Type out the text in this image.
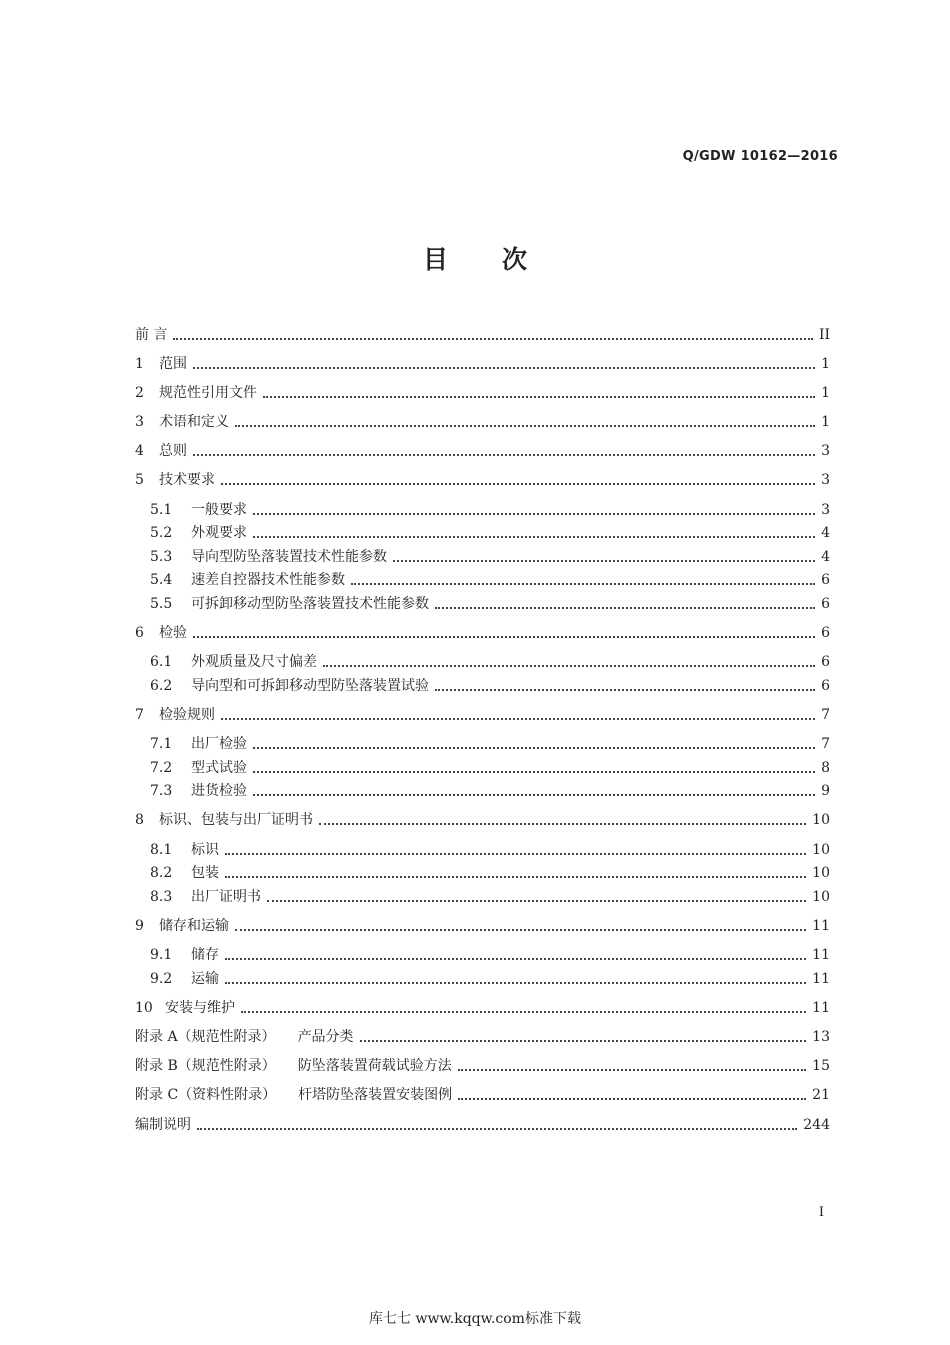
Q/GDW 10162—2016
目次
前 言	II
1	范围	1
2	规范性引用文件	1
3	术语和定义	1
4	总则	3
5	技术要求	3
5.1	一般要求	3
5.2	外观要求	4
5.3	导向型防坠落装置技术性能参数	4
5.4	速差自控器技术性能参数	6
5.5	可拆卸移动型防坠落装置技术性能参数	6
6	检验	6
6.1	外观质量及尺寸偏差	6
6.2	导向型和可拆卸移动型防坠落装置试验	6
7	检验规则	7
7.1	出厂检验	7
7.2	型式试验	8
7.3	进货检验	9
8	标识、包装与出厂证明书	10
8.1	标识	10
8.2	包装	10
8.3	出厂证明书	10
9	储存和运输	11
9.1	储存	11
9.2	运输	11
10 安装与维护	11
附录 A（规范性附录） 产品分类	13
附录 B（规范性附录） 防坠落装置荷载试验方法	15
附录 C（资料性附录） 杆塔防坠落装置安装图例	21
编制说明	244
I
库七七 www.kqqw.com标准下载
